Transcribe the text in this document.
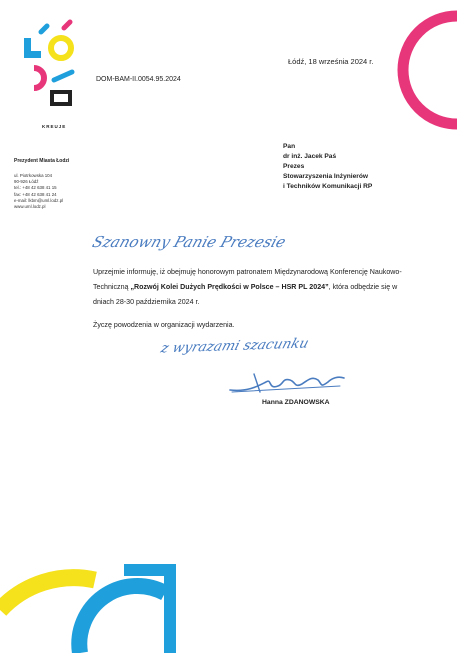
KREUJE
DOM-BAM-II.0054.95.2024
Łódź, 18 września 2024 r.
Prezydent Miasta Łodzi
ul. Piotrkowska 104
90-926 Łódź
tel.: +48 42 638 41 15
fax: +48 42 638 41 24
e-mail: lkbm@uml.lodz.pl
www.uml.lodz.pl
Pan
dr inż. Jacek Paś
Prezes
Stowarzyszenia Inżynierów
i Techników Komunikacji RP
Szanowny Panie Prezesie

Uprzejmie informuję, iż obejmuję honorowym patronatem Międzynarodową Konferencję Naukowo-Techniczną „Rozwój Kolei Dużych Prędkości w Polsce – HSR PL 2024”, która odbędzie się w dniach 28-30 października 2024 r.

Życzę powodzenia w organizacji wydarzenia.
z wyrazami szacunku
Hanna ZDANOWSKA
